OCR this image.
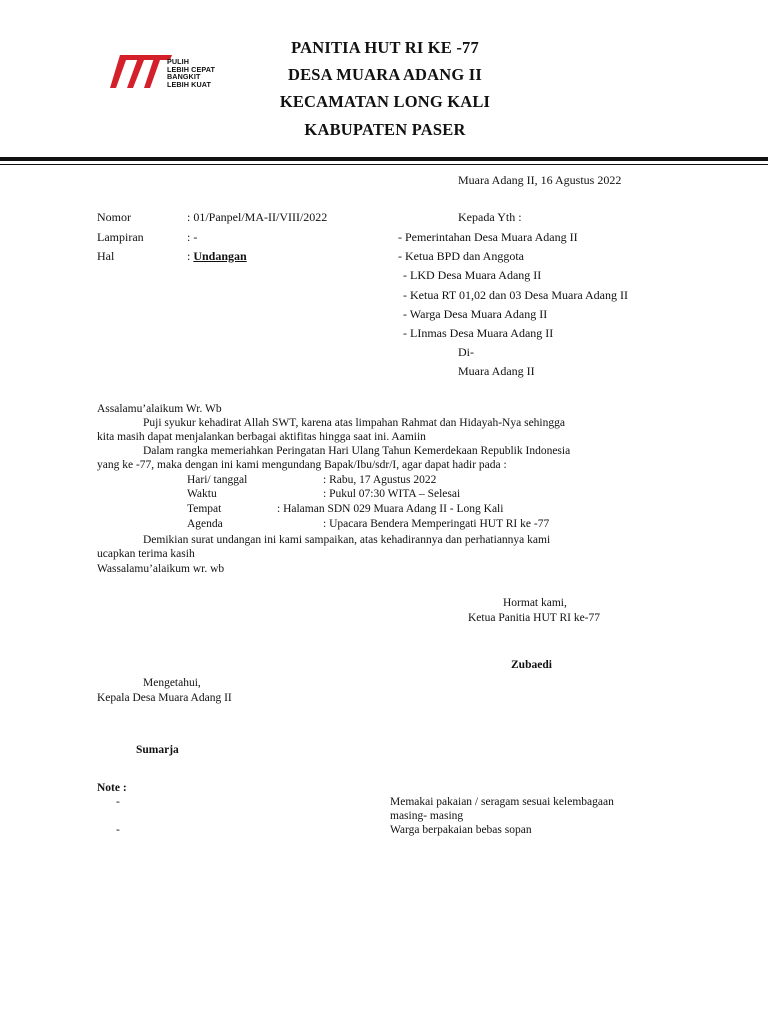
PULIH
LEBIH CEPAT
BANGKIT
LEBIH KUAT
PANITIA HUT RI KE -77
DESA MUARA ADANG II
KECAMATAN LONG KALI
KABUPATEN PASER
Muara Adang II, 16 Agustus 2022
Nomor	: 01/Panpel/MA-II/VIII/2022
Lampiran	: -
Hal	: Undangan
Kepada Yth :
- Pemerintahan Desa Muara Adang II
- Ketua BPD dan Anggota
- LKD Desa Muara Adang II
- Ketua RT 01,02 dan 03 Desa Muara Adang II
- Warga Desa Muara Adang II
- LInmas Desa Muara Adang II
Di-
Muara Adang II
Assalamu’alaikum Wr. Wb
Puji syukur kehadirat Allah SWT, karena atas limpahan Rahmat dan Hidayah-Nya sehingga
kita masih dapat menjalankan berbagai aktifitas hingga saat ini. Aamiin
Dalam rangka memeriahkan Peringatan Hari Ulang Tahun Kemerdekaan Republik Indonesia
yang ke -77, maka dengan ini kami mengundang Bapak/Ibu/sdr/I, agar dapat hadir pada :
Hari/ tanggal	: Rabu, 17 Agustus 2022
Waktu	: Pukul 07:30 WITA – Selesai
Tempat	: Halaman SDN 029 Muara Adang II - Long Kali
Agenda	: Upacara Bendera Memperingati HUT RI ke -77
Demikian surat undangan ini kami sampaikan, atas kehadirannya dan perhatiannya kami
ucapkan terima kasih
Wassalamu’alaikum wr. wb
Hormat kami,
Ketua Panitia HUT RI ke-77
Zubaedi
Mengetahui,
Kepala Desa Muara Adang II
Sumarja
Note :
-	Memakai pakaian / seragam sesuai kelembagaan
masing- masing
-	Warga berpakaian bebas sopan
